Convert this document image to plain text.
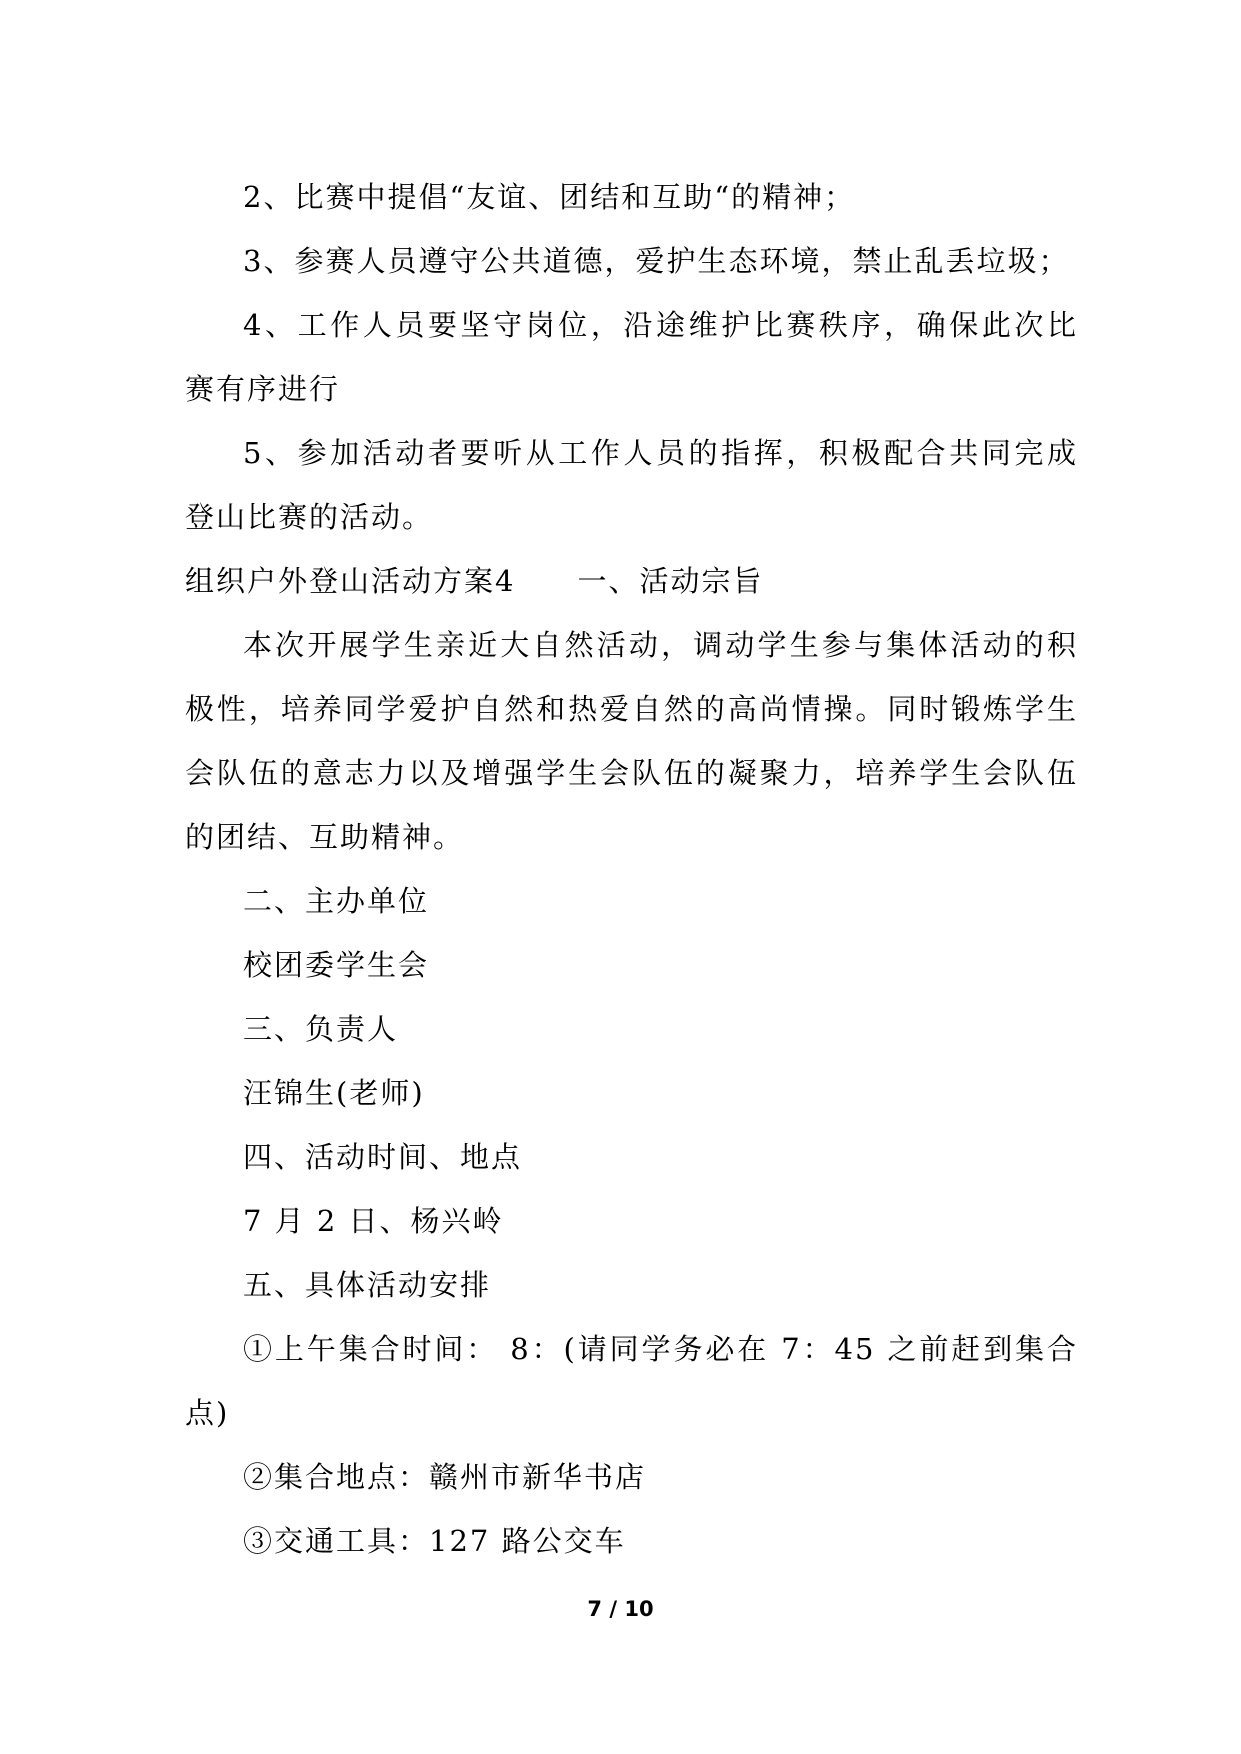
2、比赛中提倡“友谊、团结和互助“的精神；
3、参赛人员遵守公共道德，爱护生态环境，禁止乱丢垃圾；
4、工作人员要坚守岗位，沿途维护比赛秩序，确保此次比
赛有序进行
5、参加活动者要听从工作人员的指挥，积极配合共同完成
登山比赛的活动。
组织户外登山活动方案4　　一、活动宗旨
本次开展学生亲近大自然活动，调动学生参与集体活动的积
极性，培养同学爱护自然和热爱自然的高尚情操。同时锻炼学生
会队伍的意志力以及增强学生会队伍的凝聚力，培养学生会队伍
的团结、互助精神。
二、主办单位
校团委学生会
三、负责人
汪锦生(老师)
四、活动时间、地点
7 月 2 日、杨兴岭
五、具体活动安排
①上午集合时间： 8：(请同学务必在 7：45 之前赶到集合
点)
②集合地点：赣州市新华书店
③交通工具：127 路公交车
7 / 10
